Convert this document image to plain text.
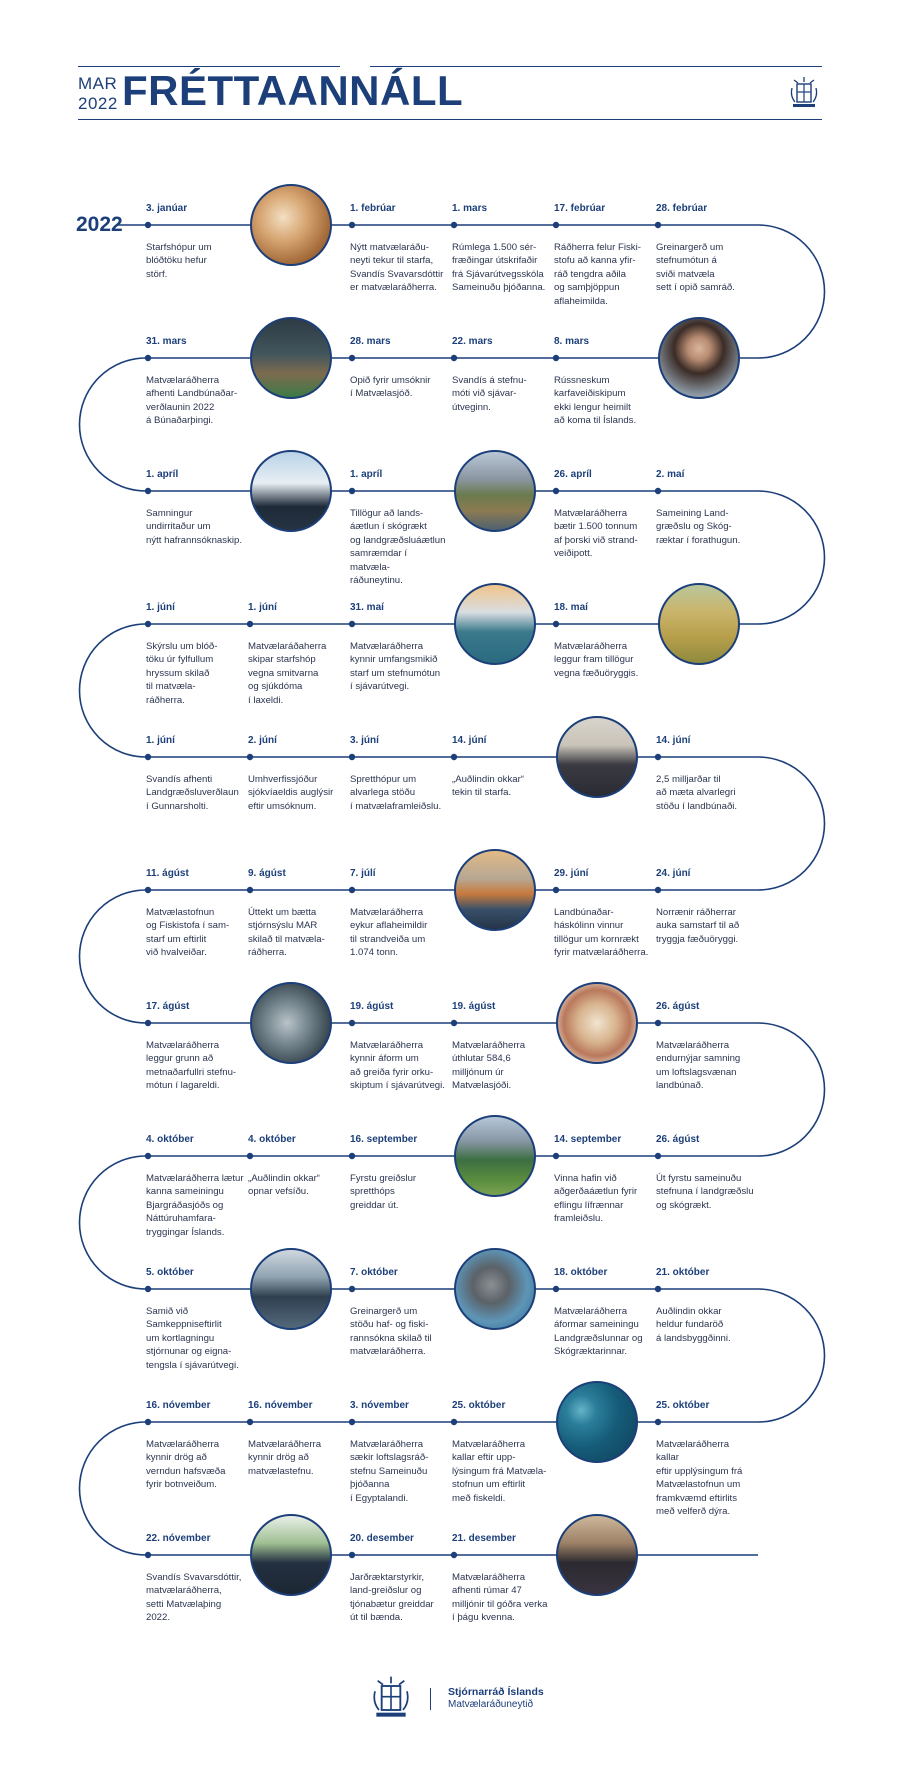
MAR
2022 FRÉTTAANNÁLL
2022
3. janúar
Starfshópur um
blóðtöku hefur
störf.
1. febrúar
Nýtt matvælaráðu-
neyti tekur til starfa,
Svandís Svavarsdóttir
er matvælaráðherra.
1. mars
Rúmlega 1.500 sér-
fræðingar útskrifaðir
frá Sjávarútvegsskóla
Sameinuðu þjóðanna.
17. febrúar
Ráðherra felur Fiski-
stofu að kanna yfir-
ráð tengdra aðila
og samþjöppun
aflaheimilda.
28. febrúar
Greinargerð um
stefnumótun á
sviði matvæla
sett í opið samráð.
31. mars
Matvælaráðherra
afhenti Landbúnaðar-
verðlaunin 2022
á Búnaðarþingi.
28. mars
Opið fyrir umsóknir
í Matvælasjóð.
22. mars
Svandís á stefnu-
móti við sjávar-
útveginn.
8. mars
Rússneskum
karfaveiðiskipum
ekki lengur heimilt
að koma til Íslands.
1. apríl
Samningur
undirritaður um
nýtt hafrannsóknaskip.
1. apríl
Tillögur að lands-
áætlun í skógrækt
og landgræðsluáætlun
samræmdar í matvæla-
ráðuneytinu.
26. apríl
Matvælaráðherra
bætir 1.500 tonnum
af þorski við strand-
veiðipott.
2. maí
Sameining Land-
græðslu og Skóg-
ræktar í forathugun.
1. júní
Skýrslu um blóð-
töku úr fylfullum
hryssum skilað
til matvæla-
ráðherra.
1. júní
Matvælaráðaherra
skipar starfshóp
vegna smitvarna
og sjúkdóma
í laxeldi.
31. maí
Matvælaráðherra
kynnir umfangsmikið
starf um stefnumótun
í sjávarútvegi.
18. maí
Matvælaráðherra
leggur fram tillögur
vegna fæðuöryggis.
1. júní
Svandís afhenti
Landgræðsluverðlaun
í Gunnarsholti.
2. júní
Umhverfissjóður
sjókvíaeldis auglýsir
eftir umsóknum.
3. júní
Spretthópur um
alvarlega stöðu
í matvælaframleiðslu.
14. júní
„Auðlindin okkar“
tekin til starfa.
14. júní
2,5 milljarðar til
að mæta alvarlegri
stöðu í landbúnaði.
11. ágúst
Matvælastofnun
og Fiskistofa í sam-
starf um eftirlit
við hvalveiðar.
9. ágúst
Úttekt um bætta
stjórnsýslu MAR
skilað til matvæla-
ráðherra.
7. júlí
Matvælaráðherra
eykur aflaheimildir
til strandveiða um
1.074 tonn.
29. júní
Landbúnaðar-
háskólinn vinnur
tillögur um kornrækt
fyrir matvælaráðherra.
24. júní
Norrænir ráðherrar
auka samstarf til að
tryggja fæðuöryggi.
17. ágúst
Matvælaráðherra
leggur grunn að
metnaðarfullri stefnu-
mótun í lagareldi.
19. ágúst
Matvælaráðherra
kynnir áform um
að greiða fyrir orku-
skiptum í sjávarútvegi.
19. ágúst
Matvælaráðherra
úthlutar 584,6
milljónum úr
Matvælasjóði.
26. ágúst
Matvælaráðherra
endurnýjar samning
um loftslagsvænan
landbúnað.
4. október
Matvælaráðherra lætur
kanna sameiningu
Bjargráðasjóðs og
Náttúruhamfara-
tryggingar Íslands.
4. október
„Auðlindin okkar“
opnar vefsíðu.
16. september
Fyrstu greiðslur
spretthóps
greiddar út.
14. september
Vinna hafin við
aðgerðaáætlun fyrir
eflingu lífrænnar
framleiðslu.
26. ágúst
Út fyrstu sameinuðu
stefnuna í landgræðslu
og skógrækt.
5. október
Samið við
Samkeppniseftirlit
um kortlagningu
stjórnunar og eigna-
tengsla í sjávarútvegi.
7. október
Greinargerð um
stöðu haf- og fiski-
rannsókna skilað til
matvælaráðherra.
18. október
Matvælaráðherra
áformar sameiningu
Landgræðslunnar og
Skógræktarinnar.
21. október
Auðlindin okkar
heldur fundaröð
á landsbyggðinni.
16. nóvember
Matvælaráðherra
kynnir drög að
verndun hafsvæða
fyrir botnveiðum.
16. nóvember
Matvælaráðherra
kynnir drög að
matvælastefnu.
3. nóvember
Matvælaráðherra
sækir loftslagsráð-
stefnu Sameinuðu
þjóðanna
í Egyptalandi.
25. október
Matvælaráðherra
kallar eftir upp-
lýsingum frá Matvæla-
stofnun um eftirlit
með fiskeldi.
25. október
Matvælaráðherra kallar
eftir upplýsingum frá
Matvælastofnun um
framkvæmd eftirlits
með velferð dýra.
22. nóvember
Svandís Svavarsdóttir,
matvælaráðherra,
setti Matvælaþing
2022.
20. desember
Jarðræktarstyrkir,
land-greiðslur og
tjónabætur greiddar
út til bænda.
21. desember
Matvælaráðherra
afhenti rúmar 47
milljónir til góðra verka
í þágu kvenna.
Stjórnarráð Íslands
Matvælaráðuneytið
